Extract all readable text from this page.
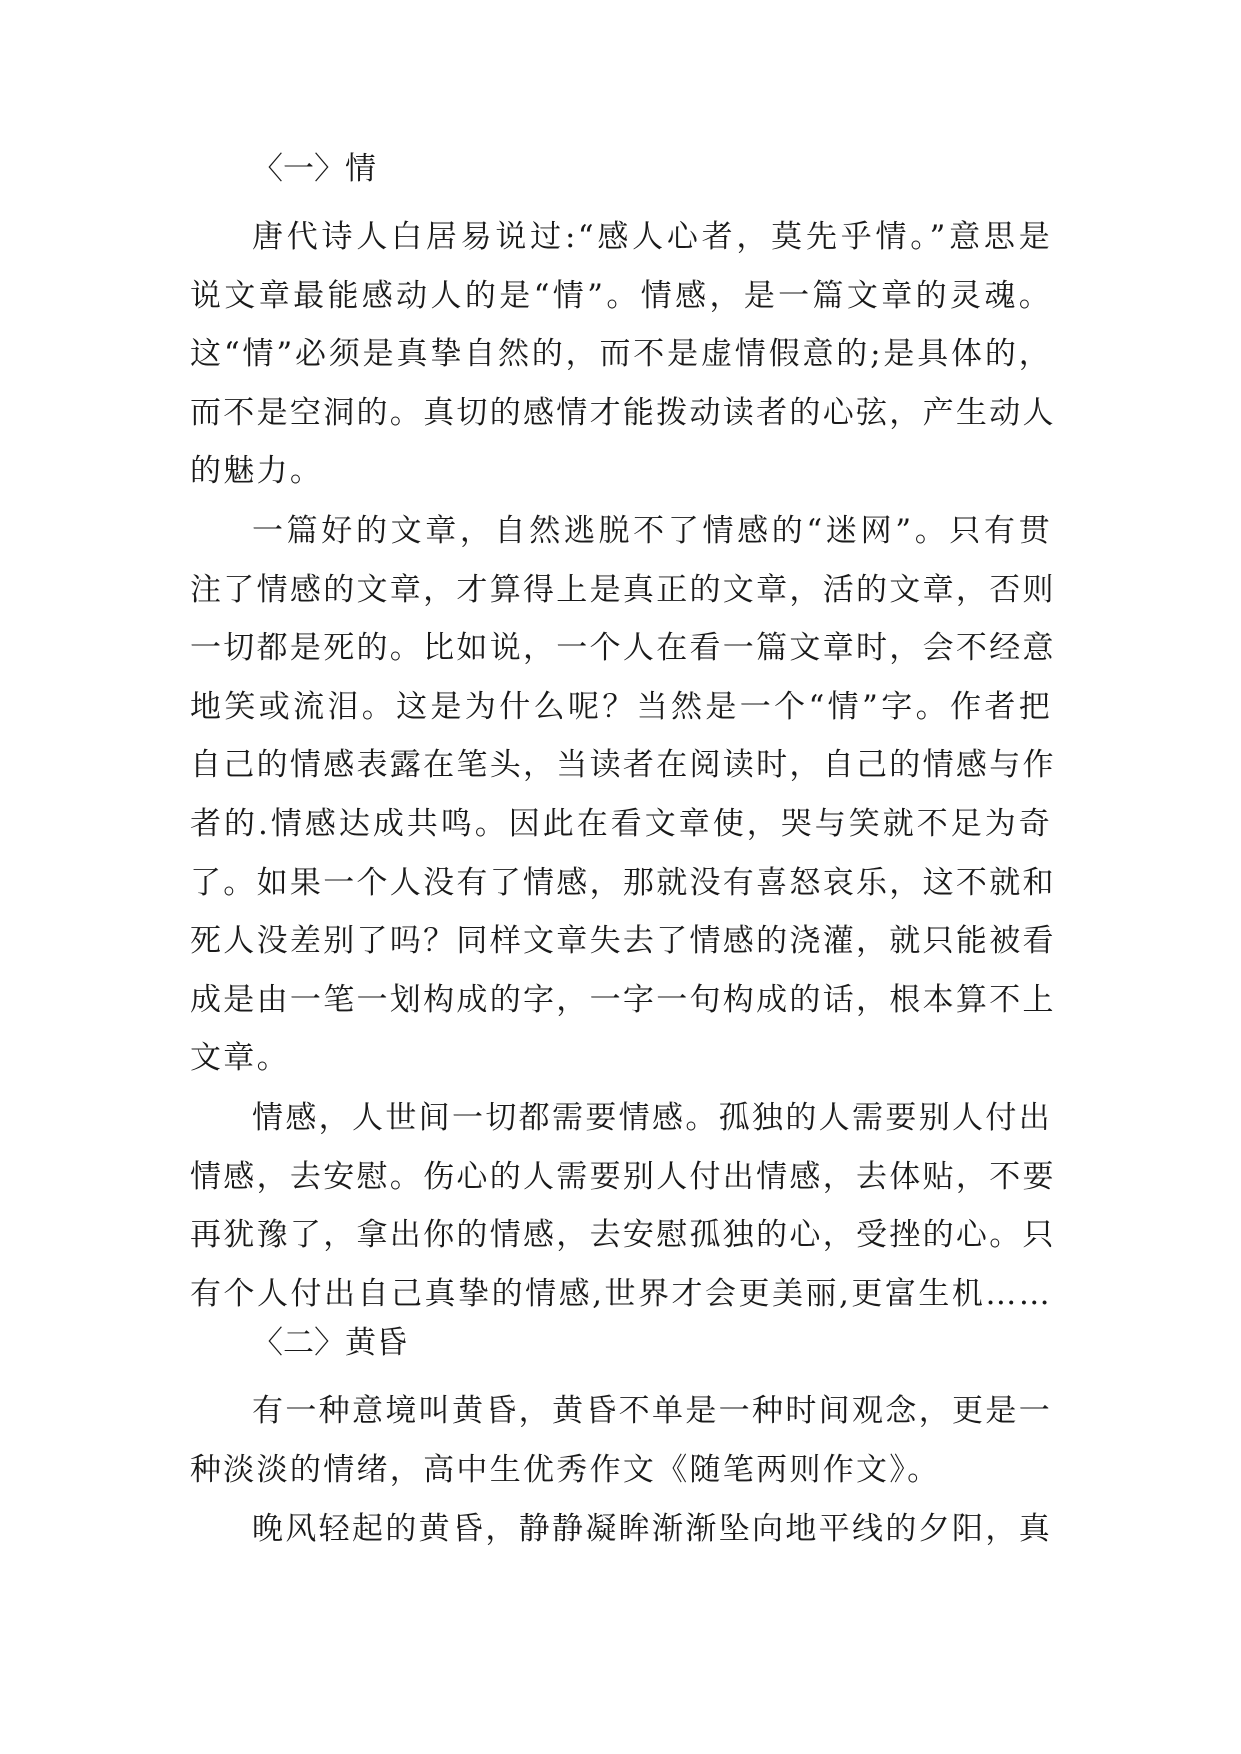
〈一〉情
唐代诗人白居易说过:“感人心者，莫先乎情。”意思是
说文章最能感动人的是“情”。情感，是一篇文章的灵魂。
这“情”必须是真挚自然的，而不是虚情假意的;是具体的，
而不是空洞的。真切的感情才能拨动读者的心弦，产生动人
的魅力。
一篇好的文章，自然逃脱不了情感的“迷网”。只有贯
注了情感的文章，才算得上是真正的文章，活的文章，否则
一切都是死的。比如说，一个人在看一篇文章时，会不经意
地笑或流泪。这是为什么呢？当然是一个“情”字。作者把
自己的情感表露在笔头，当读者在阅读时，自己的情感与作
者的.情感达成共鸣。因此在看文章使，哭与笑就不足为奇
了。如果一个人没有了情感，那就没有喜怒哀乐，这不就和
死人没差别了吗？同样文章失去了情感的浇灌，就只能被看
成是由一笔一划构成的字，一字一句构成的话，根本算不上
文章。
情感，人世间一切都需要情感。孤独的人需要别人付出
情感，去安慰。伤心的人需要别人付出情感，去体贴，不要
再犹豫了，拿出你的情感，去安慰孤独的心，受挫的心。只
有个人付出自己真挚的情感,世界才会更美丽,更富生机……
〈二〉黄昏
有一种意境叫黄昏，黄昏不单是一种时间观念，更是一
种淡淡的情绪，高中生优秀作文《随笔两则作文》。
晚风轻起的黄昏，静静凝眸渐渐坠向地平线的夕阳，真
